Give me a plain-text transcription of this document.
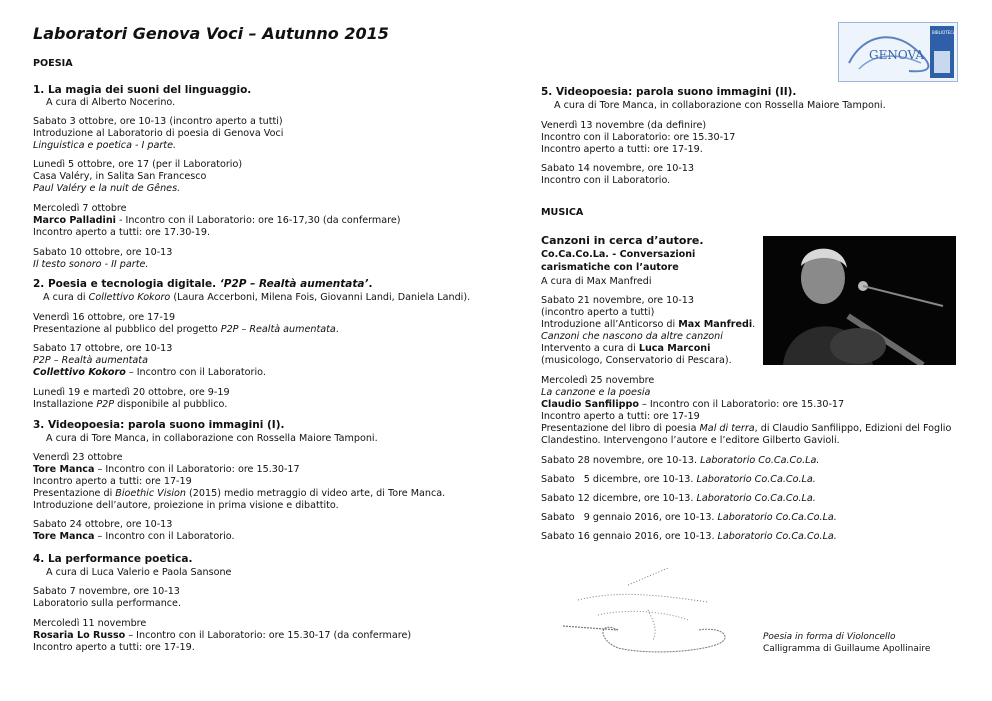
Laboratori Genova Voci – Autunno 2015
GENOVA
BIBLIOTECA
POESIA
1. La magia dei suoni del linguaggio.
A cura di Alberto Nocerino.
Sabato 3 ottobre, ore 10-13 (incontro aperto a tutti)
Introduzione al Laboratorio di poesia di Genova Voci
Linguistica e poetica - I parte.
Lunedì 5 ottobre, ore 17 (per il Laboratorio)
Casa Valéry, in Salita San Francesco
Paul Valéry e la nuit de Gênes.
Mercoledì 7 ottobre
Marco Palladini - Incontro con il Laboratorio: ore 16-17,30 (da confermare)
Incontro aperto a tutti: ore 17.30-19.
Sabato 10 ottobre, ore 10-13
Il testo sonoro - II parte.
2. Poesia e tecnologia digitale. ‘P2P – Realtà aumentata’.
A cura di Collettivo Kokoro (Laura Accerboni, Milena Fois, Giovanni Landi, Daniela Landi).
Venerdì 16 ottobre, ore 17-19
Presentazione al pubblico del progetto P2P – Realtà aumentata.
Sabato 17 ottobre, ore 10-13
P2P – Realtà aumentata
Collettivo Kokoro – Incontro con il Laboratorio.
Lunedì 19 e martedì 20 ottobre, ore 9-19
Installazione P2P disponibile al pubblico.
3. Videopoesia: parola suono immagini (I).
A cura di Tore Manca, in collaborazione con Rossella Maiore Tamponi.
Venerdì 23 ottobre
Tore Manca – Incontro con il Laboratorio: ore 15.30-17
Incontro aperto a tutti: ore 17-19
Presentazione di Bioethic Vision (2015) medio metraggio di video arte, di Tore Manca.
Introduzione dell’autore, proiezione in prima visione e dibattito.
Sabato 24 ottobre, ore 10-13
Tore Manca – Incontro con il Laboratorio.
4. La performance poetica.
A cura di Luca Valerio e Paola Sansone
Sabato 7 novembre, ore 10-13
Laboratorio sulla performance.
Mercoledì 11 novembre
Rosaria Lo Russo – Incontro con il Laboratorio: ore 15.30-17 (da confermare)
Incontro aperto a tutti: ore 17-19.
5. Videopoesia: parola suono immagini (II).
A cura di Tore Manca, in collaborazione con Rossella Maiore Tamponi.
Venerdì 13 novembre (da definire)
Incontro con il Laboratorio: ore 15.30-17
Incontro aperto a tutti: ore 17-19.
Sabato 14 novembre, ore 10-13
Incontro con il Laboratorio.
MUSICA
Canzoni in cerca d’autore.
Co.Ca.Co.La. - Conversazioni
carismatiche con l’autore
A cura di Max Manfredi
Sabato 21 novembre, ore 10-13
(incontro aperto a tutti)
Introduzione all’Anticorso di Max Manfredi.
Canzoni che nascono da altre canzoni
Intervento a cura di Luca Marconi
(musicologo, Conservatorio di Pescara).
Mercoledì 25 novembre
La canzone e la poesia
Claudio Sanfilippo – Incontro con il Laboratorio: ore 15.30-17
Incontro aperto a tutti: ore 17-19
Presentazione del libro di poesia Mal di terra, di Claudio Sanfilippo, Edizioni del Foglio
Clandestino. Intervengono l’autore e l’editore Gilberto Gavioli.
Sabato 28 novembre, ore 10-13. Laboratorio Co.Ca.Co.La.
Sabato   5 dicembre, ore 10-13. Laboratorio Co.Ca.Co.La.
Sabato 12 dicembre, ore 10-13. Laboratorio Co.Ca.Co.La.
Sabato   9 gennaio 2016, ore 10-13. Laboratorio Co.Ca.Co.La.
Sabato 16 gennaio 2016, ore 10-13. Laboratorio Co.Ca.Co.La.
Poesia in forma di Violoncello
Calligramma di Guillaume Apollinaire
